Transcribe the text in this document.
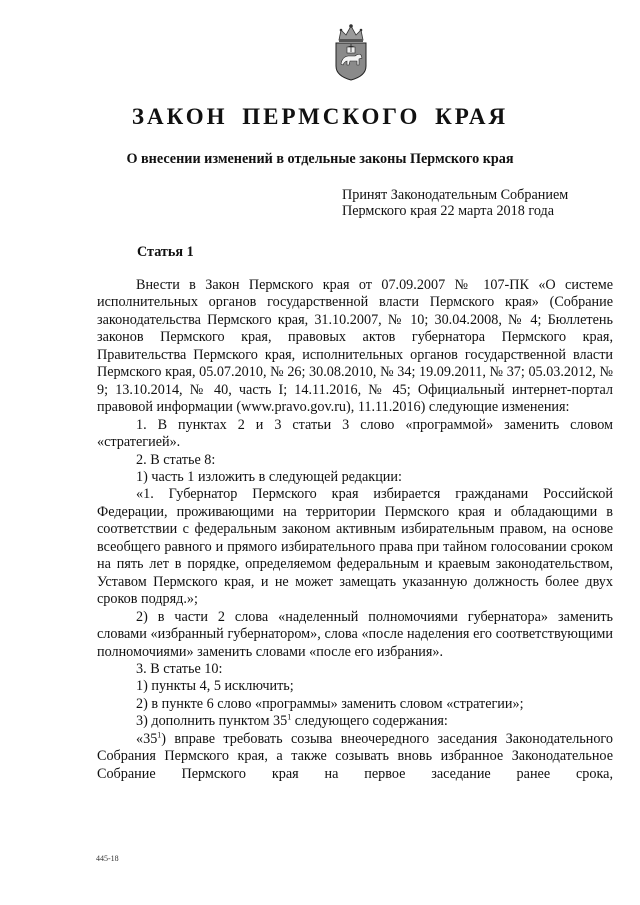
ЗАКОН ПЕРМСКОГО КРАЯ
О внесении изменений в отдельные законы Пермского края
Принят Законодательным Собранием
Пермского края 22 марта 2018 года
Статья 1

Внести в Закон Пермского края от 07.09.2007 № 107-ПК «О системе исполнительных органов государственной власти Пермского края» (Собрание законодательства Пермского края, 31.10.2007, № 10; 30.04.2008, № 4; Бюллетень законов Пермского края, правовых актов губернатора Пермского края, Правительства Пермского края, исполнительных органов государственной власти Пермского края, 05.07.2010, № 26; 30.08.2010, № 34; 19.09.2011, № 37; 05.03.2012, № 9; 13.10.2014, № 40, часть I; 14.11.2016, № 45; Официальный интернет-портал правовой информации (www.pravo.gov.ru), 11.11.2016) следующие изменения:

1. В пунктах 2 и 3 статьи 3 слово «программой» заменить словом «стратегией».

2. В статье 8:

1) часть 1 изложить в следующей редакции:

«1. Губернатор Пермского края избирается гражданами Российской Федерации, проживающими на территории Пермского края и обладающими в соответствии с федеральным законом активным избирательным правом, на основе всеобщего равного и прямого избирательного права при тайном голосовании сроком на пять лет в порядке, определяемом федеральным и краевым законодательством, Уставом Пермского края, и не может замещать указанную должность более двух сроков подряд.»;

2) в части 2 слова «наделенный полномочиями губернатора» заменить словами «избранный губернатором», слова «после наделения его соответствующими полномочиями» заменить словами «после его избрания».

3. В статье 10:

1) пункты 4, 5 исключить;

2) в пункте 6 слово «программы» заменить словом «стратегии»;

3) дополнить пунктом $35^1$ следующего содержания:

«$35^1$) вправе требовать созыва внеочередного заседания Законодательного Собрания Пермского края, а также созывать вновь избранное Законодательное Собрание Пермского края на первое заседание ранее срока,

445-18
